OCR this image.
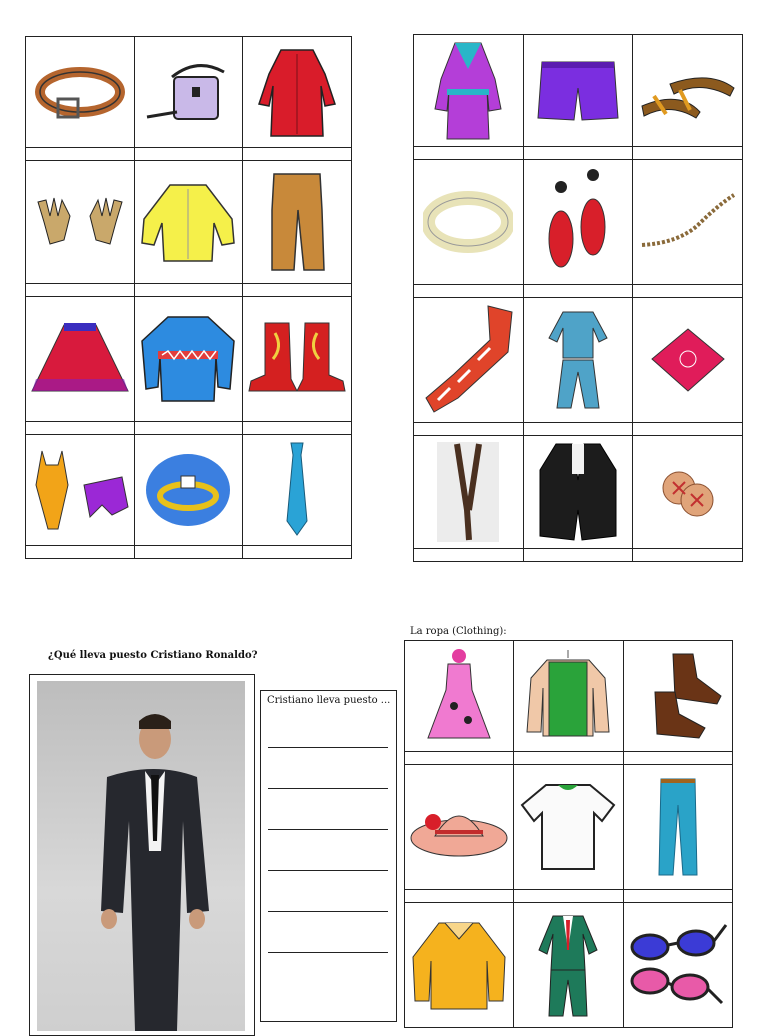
¿Qué lleva puesto Cristiano Ronaldo?
Cristiano lleva puesto ...
La ropa (Clothing):
